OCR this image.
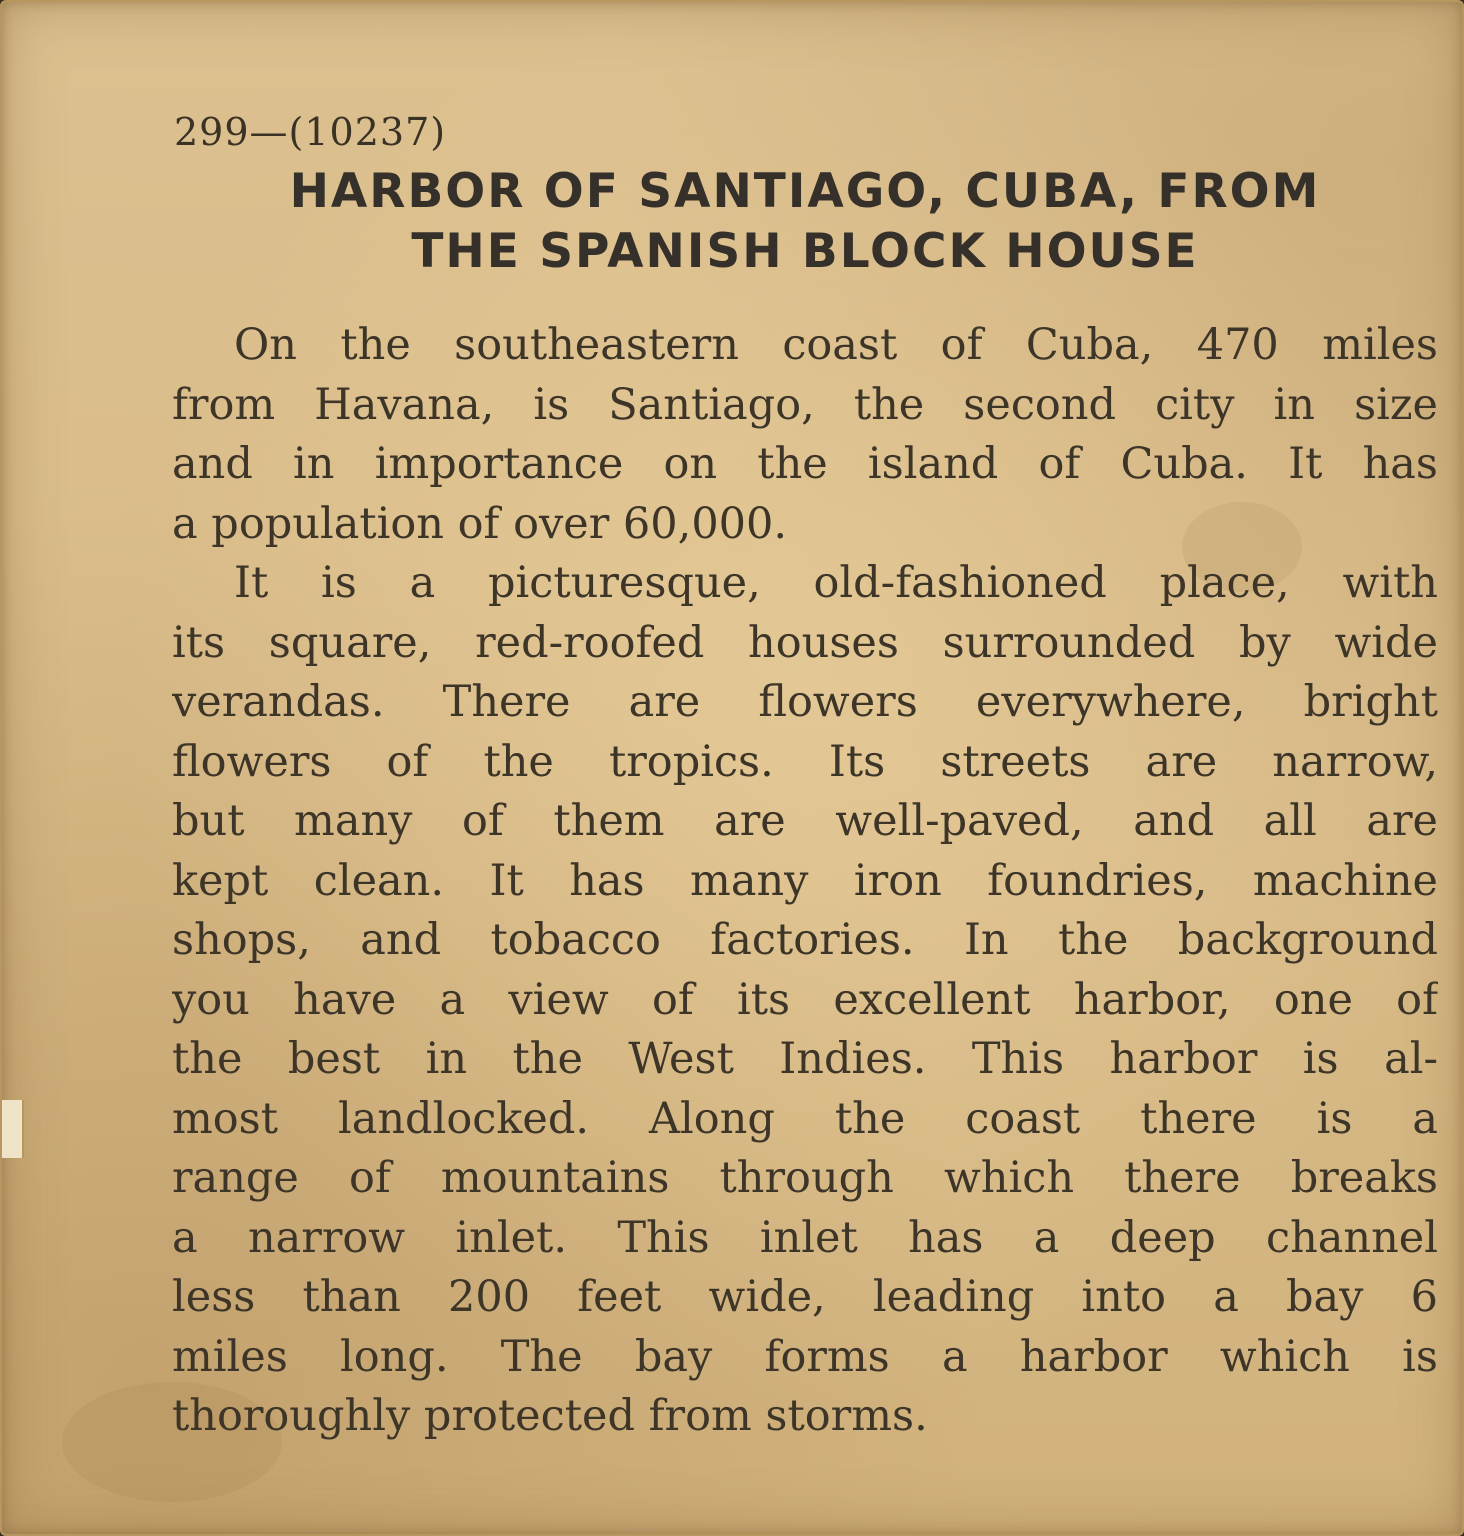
299—(10237)
HARBOR OF SANTIAGO, CUBA, FROM
THE SPANISH BLOCK HOUSE

On the southeastern coast of Cuba, 470 miles
from Havana, is Santiago, the second city in size
and in importance on the island of Cuba. It has
a population of over 60,000.

It is a picturesque, old-fashioned place, with
its square, red-roofed houses surrounded by wide
verandas. There are flowers everywhere, bright
flowers of the tropics. Its streets are narrow,
but many of them are well-paved, and all are
kept clean. It has many iron foundries, machine
shops, and tobacco factories. In the background
you have a view of its excellent harbor, one of
the best in the West Indies. This harbor is al-
most landlocked. Along the coast there is a
range of mountains through which there breaks
a narrow inlet. This inlet has a deep channel
less than 200 feet wide, leading into a bay 6
miles long. The bay forms a harbor which is
thoroughly protected from storms.
